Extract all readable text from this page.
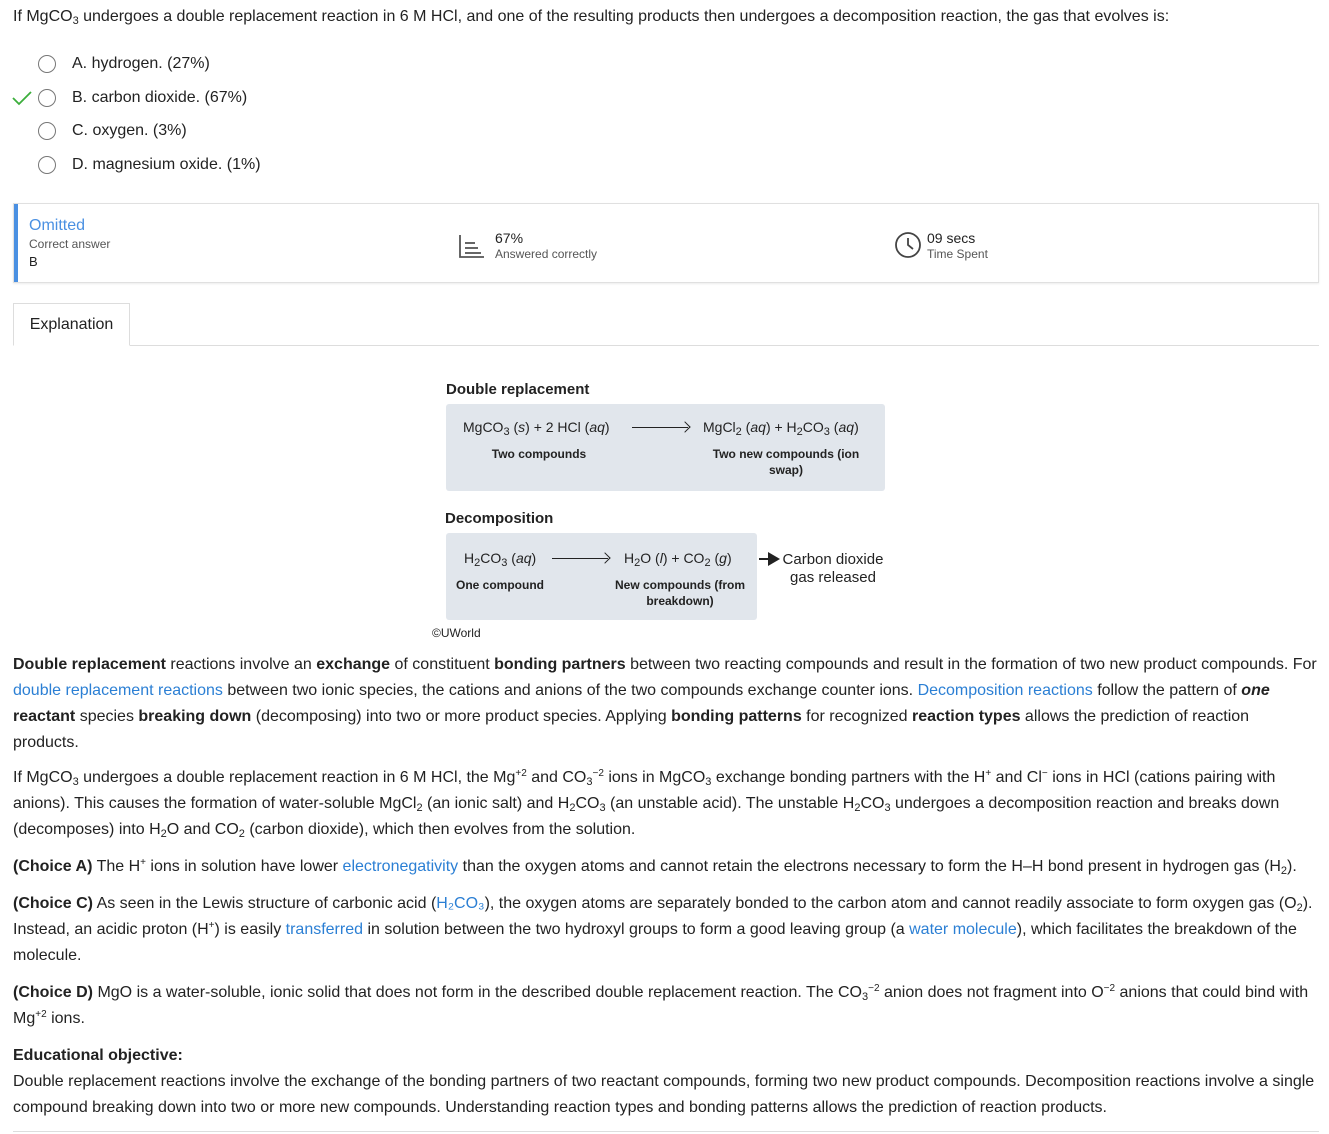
If MgCO$_3$ undergoes a double replacement reaction in 6 M HCl, and one of the resulting products then undergoes a decomposition reaction, the gas that evolves is:
A. hydrogen. (27%)
B. carbon dioxide. (67%)
C. oxygen. (3%)
D. magnesium oxide. (1%)
Omitted
Correct answer
B
67%
Answered correctly
09 secs
Time Spent
Explanation
Double replacement
MgCO$_3$ (s) + 2 HCl (aq)	MgCl$_2$ $(aq) + H_2CO_3$ (aq)
Two compounds	Two new compounds (ion swap)
Decomposition
$H_2CO_3$ (aq)	$H_2O$ $(l) + CO_2$ (g)
One compound	New compounds (from breakdown)
Carbon dioxide gas released
©UWorld
Double replacement reactions involve an exchange of constituent bonding partners between two reacting compounds and result in the formation of two new product compounds. For double replacement reactions between two ionic species, the cations and anions of the two compounds exchange counter ions. Decomposition reactions follow the pattern of one reactant species breaking down (decomposing) into two or more product species. Applying bonding patterns for recognized reaction types allows the prediction of reaction products.
If MgCO$_3$ undergoes a double replacement reaction in 6 M HCl, the $Mg^{+2}$ and $CO_3^{-2}$ ions in MgCO$_3$ exchange bonding partners with the H+ and Cl− ions in HCl (cations pairing with anions). This causes the formation of water-soluble MgCl$_2$ (an ionic salt) and $H_2CO_3$ (an unstable acid). The unstable $H_2CO_3$ undergoes a decomposition reaction and breaks down (decomposes) into $H_2O$ and $CO_2$ (carbon dioxide), which then evolves from the solution.
(Choice A) The H+ ions in solution have lower electronegativity than the oxygen atoms and cannot retain the electrons necessary to form the H–H bond present in hydrogen gas $(H_2)$.
(Choice C) As seen in the Lewis structure of carbonic acid (H₂CO₃), the oxygen atoms are separately bonded to the carbon atom and cannot readily associate to form oxygen gas $(O_2)$. Instead, an acidic proton (H+) is easily transferred in solution between the two hydroxyl groups to form a good leaving group (a water molecule), which facilitates the breakdown of the molecule.
(Choice D) MgO is a water-soluble, ionic solid that does not form in the described double replacement reaction. The $CO_3^{-2}$ anion does not fragment into $O^{-2}$ anions that could bind with $Mg^{+2}$ ions.
Educational objective:
Double replacement reactions involve the exchange of the bonding partners of two reactant compounds, forming two new product compounds. Decomposition reactions involve a single compound breaking down into two or more new compounds. Understanding reaction types and bonding patterns allows the prediction of reaction products.
